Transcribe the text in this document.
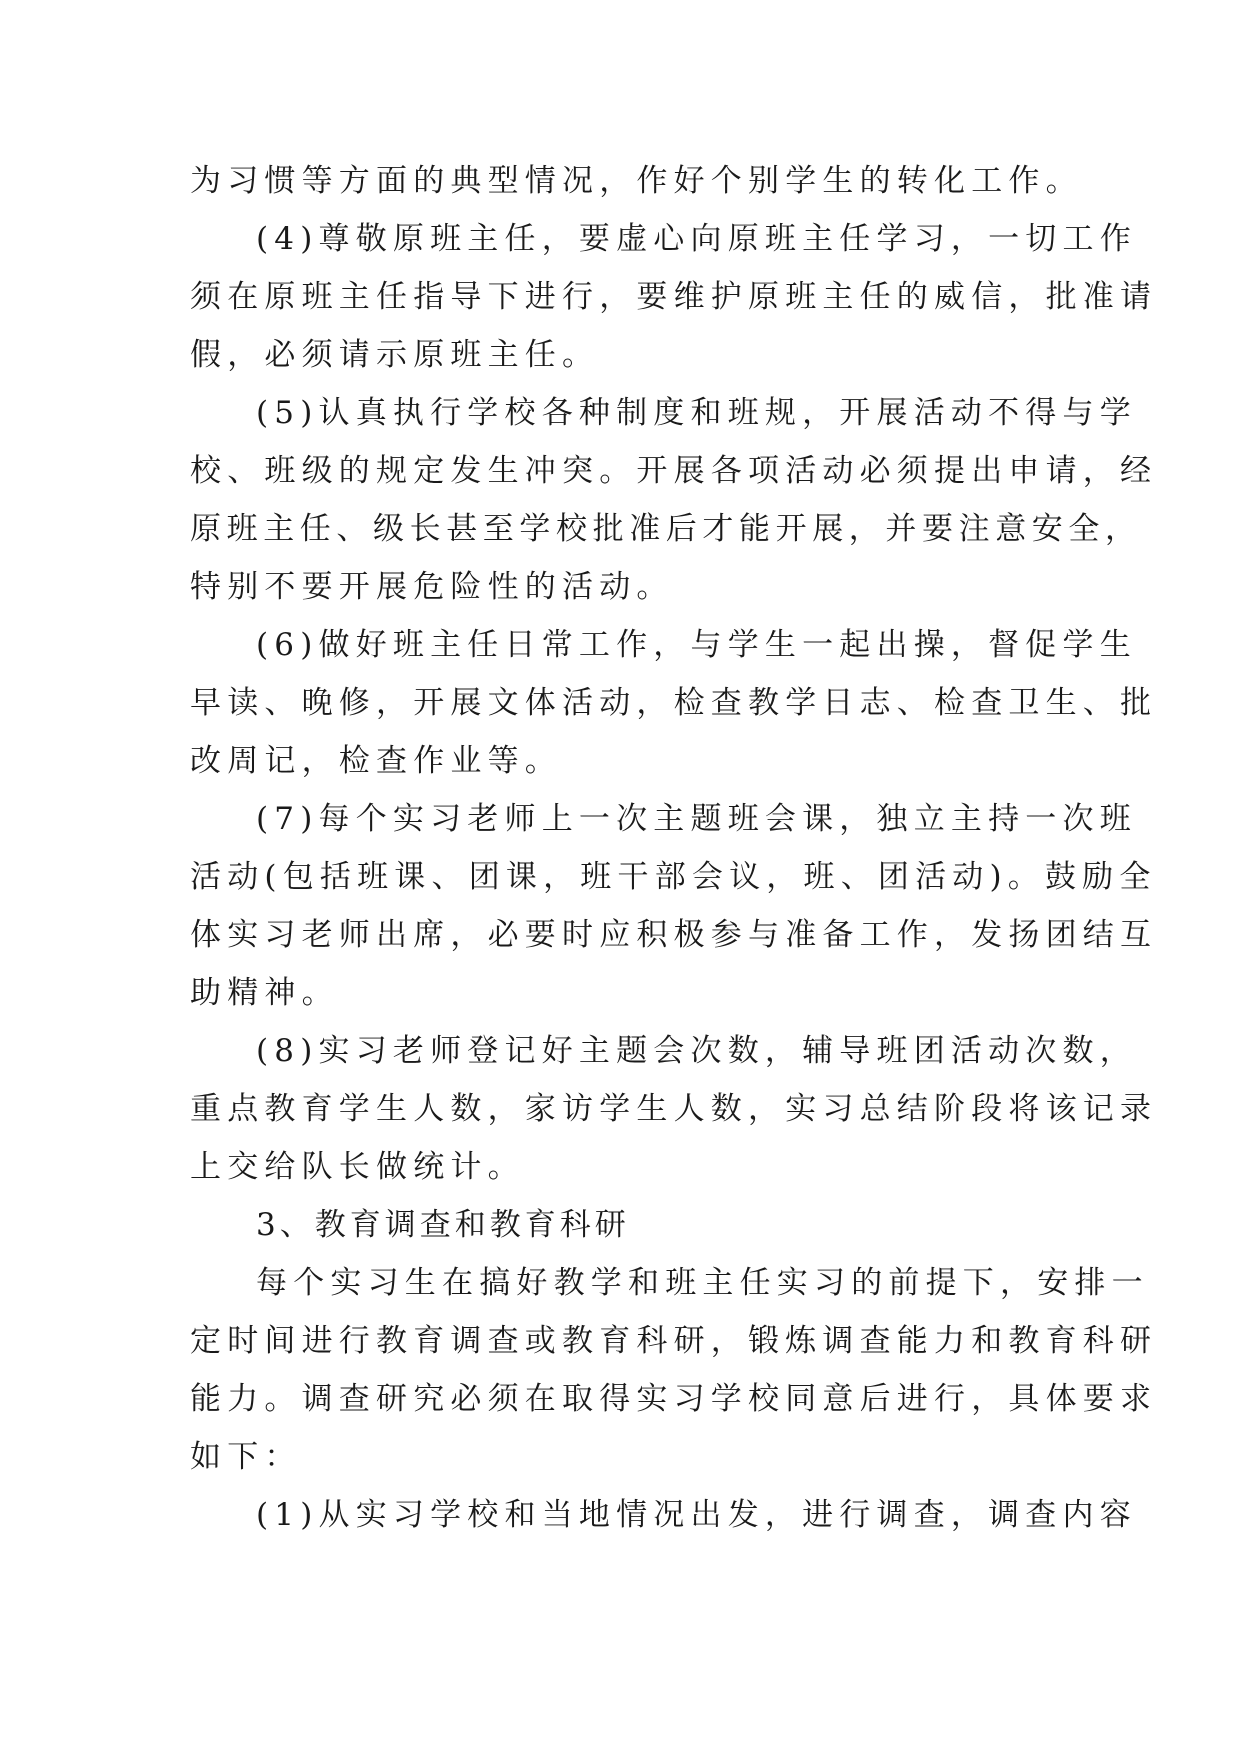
为习惯等方面的典型情况，作好个别学生的转化工作。
(4)尊敬原班主任，要虚心向原班主任学习，一切工作
须在原班主任指导下进行，要维护原班主任的威信，批准请
假，必须请示原班主任。
(5)认真执行学校各种制度和班规，开展活动不得与学
校、班级的规定发生冲突。开展各项活动必须提出申请，经
原班主任、级长甚至学校批准后才能开展，并要注意安全，
特别不要开展危险性的活动。
(6)做好班主任日常工作，与学生一起出操，督促学生
早读、晚修，开展文体活动，检查教学日志、检查卫生、批
改周记，检查作业等。
(7)每个实习老师上一次主题班会课，独立主持一次班
活动(包括班课、团课，班干部会议，班、团活动)。鼓励全
体实习老师出席，必要时应积极参与准备工作，发扬团结互
助精神。
(8)实习老师登记好主题会次数，辅导班团活动次数，
重点教育学生人数，家访学生人数，实习总结阶段将该记录
上交给队长做统计。
3、教育调查和教育科研
每个实习生在搞好教学和班主任实习的前提下，安排一
定时间进行教育调查或教育科研，锻炼调查能力和教育科研
能力。调查研究必须在取得实习学校同意后进行，具体要求
如下：
(1)从实习学校和当地情况出发，进行调查，调查内容
